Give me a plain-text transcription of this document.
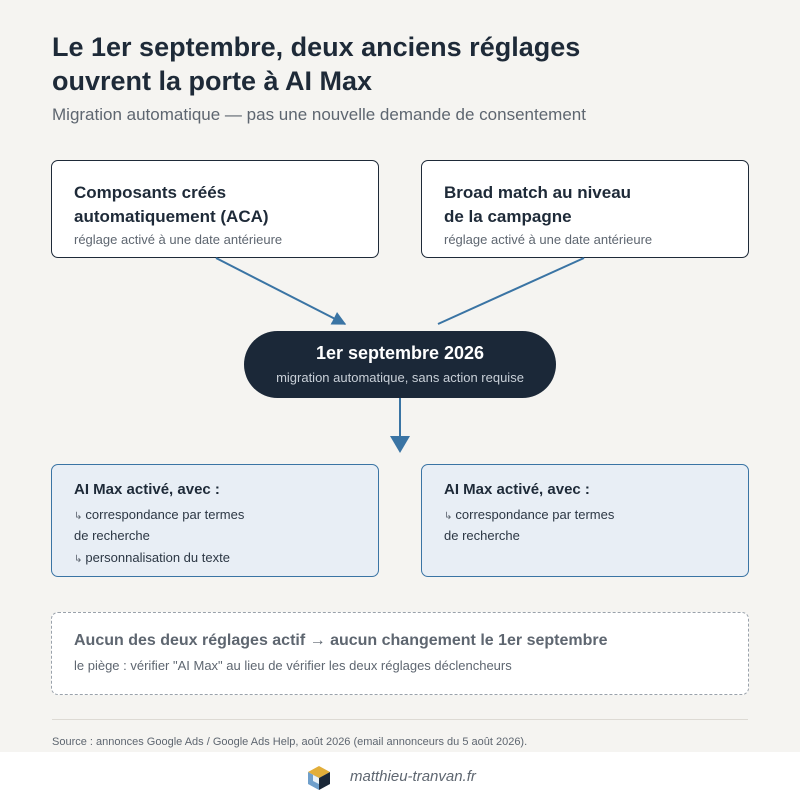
Le 1er septembre, deux anciens réglages
ouvrent la porte à AI Max
Migration automatique — pas une nouvelle demande de consentement
Composants créés
automatiquement (ACA)
réglage activé à une date antérieure
Broad match au niveau
de la campagne
réglage activé à une date antérieure
1er septembre 2026
migration automatique, sans action requise
AI Max activé, avec :
↳ correspondance par termes
de recherche
↳ personnalisation du texte
AI Max activé, avec :
↳ correspondance par termes
de recherche
Aucun des deux réglages actif → aucun changement le 1er septembre
le piège : vérifier "AI Max" au lieu de vérifier les deux réglages déclencheurs
Source : annonces Google Ads / Google Ads Help, août 2026 (email annonceurs du 5 août 2026).
matthieu-tranvan.fr
